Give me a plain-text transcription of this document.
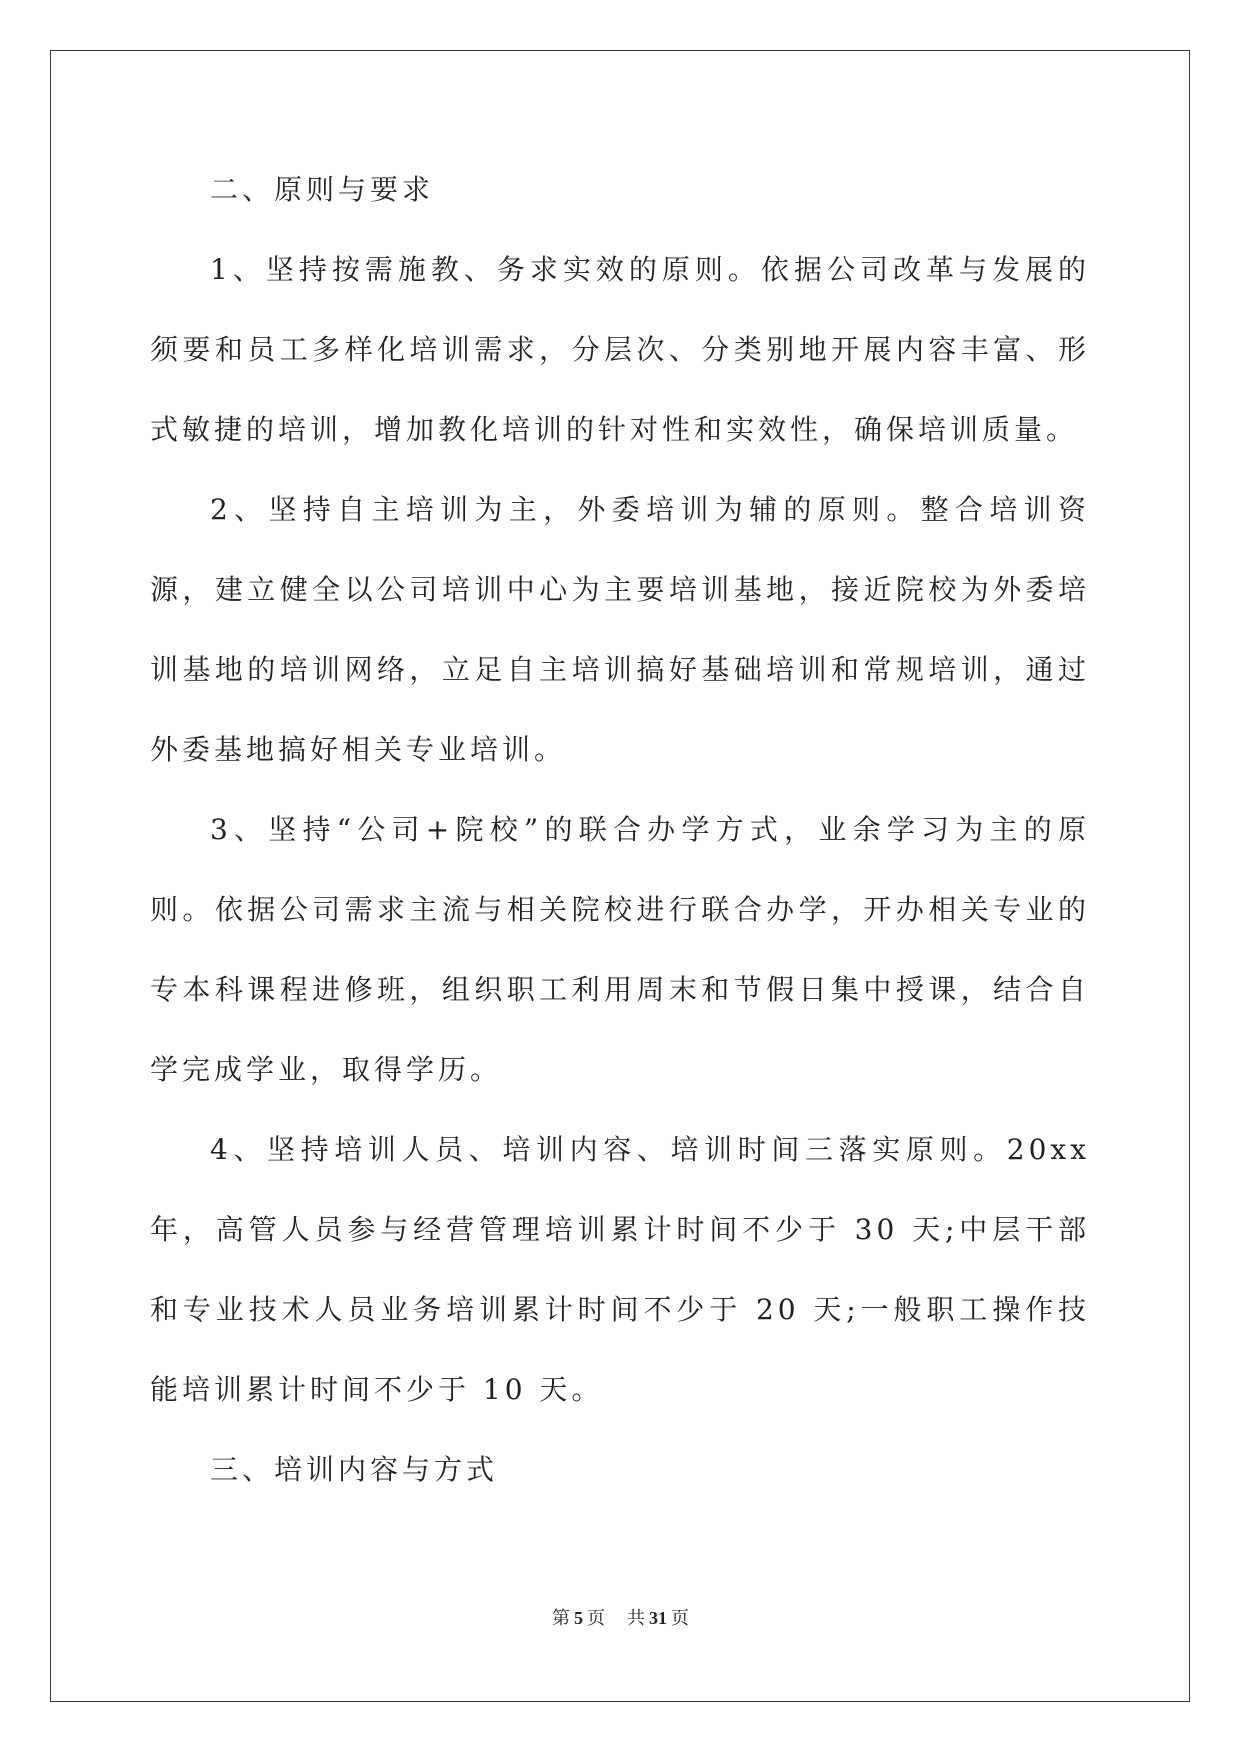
二、原则与要求

1、坚持按需施教、务求实效的原则。依据公司改革与发展的须要和员工多样化培训需求，分层次、分类别地开展内容丰富、形式敏捷的培训，增加教化培训的针对性和实效性，确保培训质量。

2、坚持自主培训为主，外委培训为辅的原则。整合培训资源，建立健全以公司培训中心为主要培训基地，接近院校为外委培训基地的培训网络，立足自主培训搞好基础培训和常规培训，通过外委基地搞好相关专业培训。

3、坚持“公司+院校”的联合办学方式，业余学习为主的原则。依据公司需求主流与相关院校进行联合办学，开办相关专业的专本科课程进修班，组织职工利用周末和节假日集中授课，结合自学完成学业，取得学历。

4、坚持培训人员、培训内容、培训时间三落实原则。20xx 年，高管人员参与经营管理培训累计时间不少于 30 天;中层干部和专业技术人员业务培训累计时间不少于 20 天;一般职工操作技能培训累计时间不少于 10 天。

三、培训内容与方式

第 5 页 共 31 页
